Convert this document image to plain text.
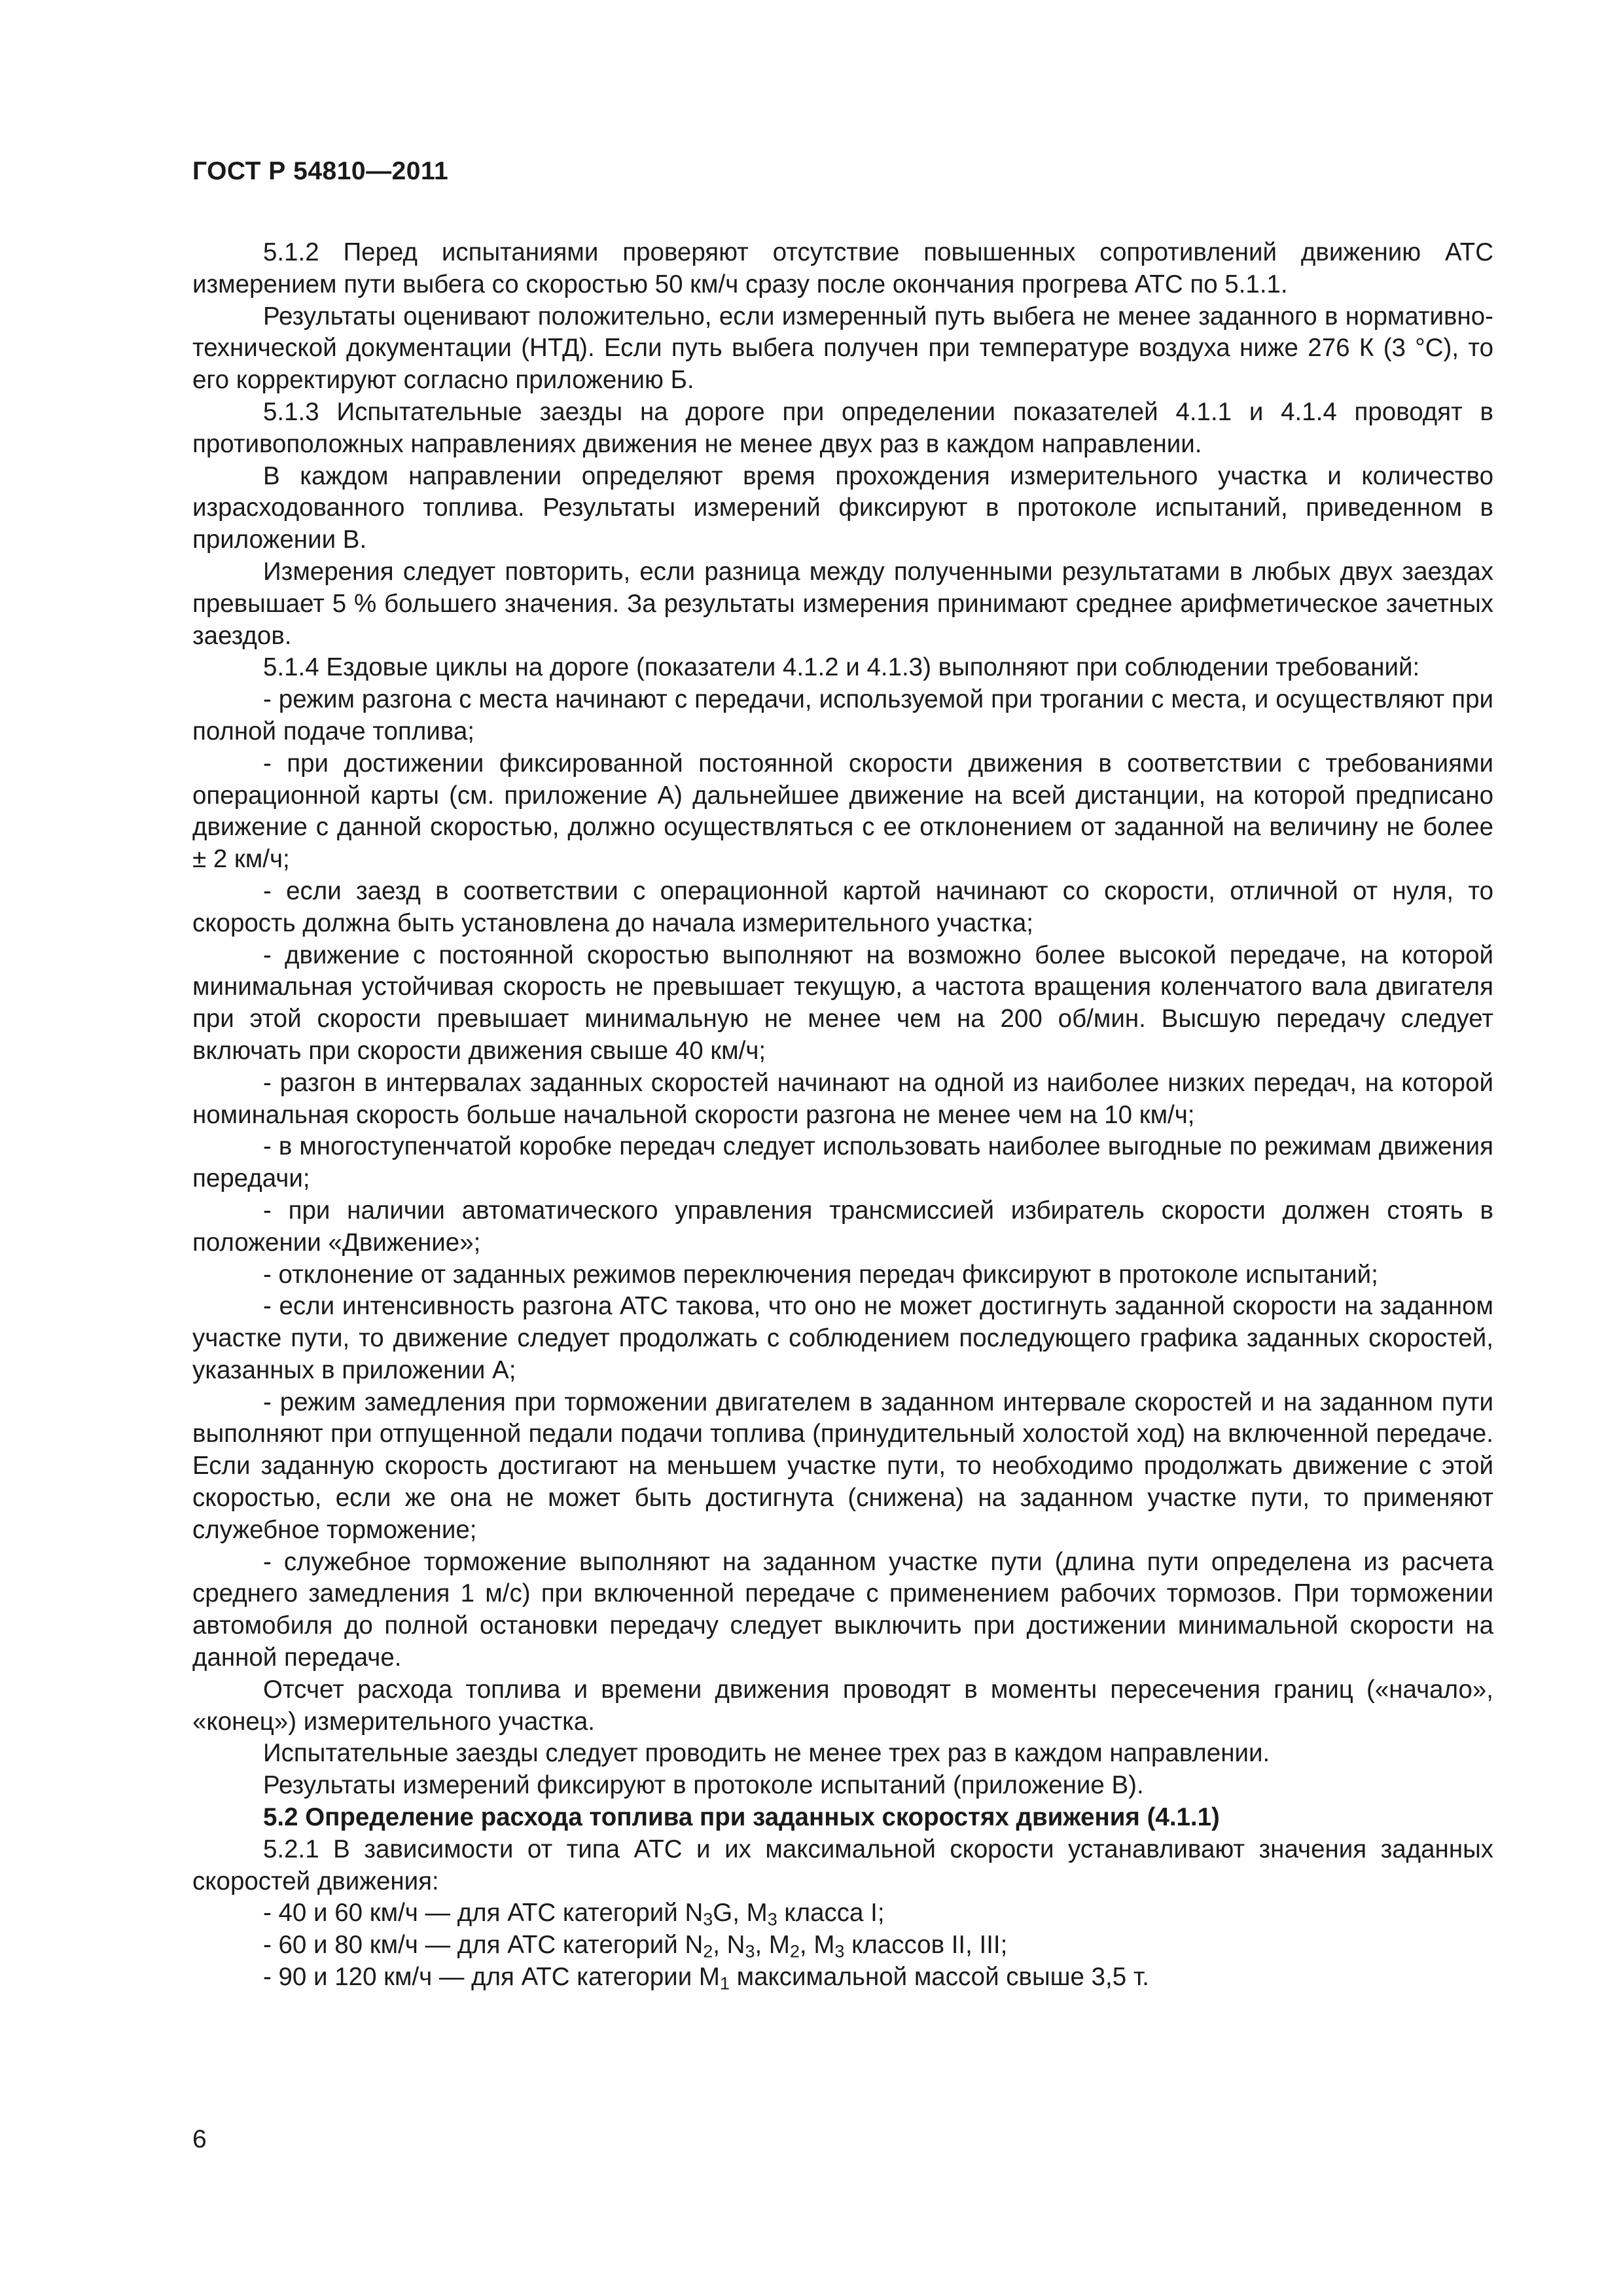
ГОСТ Р 54810—2011

5.1.2 Перед испытаниями проверяют отсутствие повышенных сопротивлений движению АТС измерением пути выбега со скоростью 50 км/ч сразу после окончания прогрева АТС по 5.1.1.

Результаты оценивают положительно, если измеренный путь выбега не менее заданного в нормативно-технической документации (НТД). Если путь выбега получен при температуре воздуха ниже 276 К (3 °С), то его корректируют согласно приложению Б.

5.1.3 Испытательные заезды на дороге при определении показателей 4.1.1 и 4.1.4 проводят в противоположных направлениях движения не менее двух раз в каждом направлении.

В каждом направлении определяют время прохождения измерительного участка и количество израсходованного топлива. Результаты измерений фиксируют в протоколе испытаний, приведенном в приложении В.

Измерения следует повторить, если разница между полученными результатами в любых двух заездах превышает 5 % большего значения. За результаты измерения принимают среднее арифметическое зачетных заездов.

5.1.4 Ездовые циклы на дороге (показатели 4.1.2 и 4.1.3) выполняют при соблюдении требований:

- режим разгона с места начинают с передачи, используемой при трогании с места, и осуществляют при полной подаче топлива;

- при достижении фиксированной постоянной скорости движения в соответствии с требованиями операционной карты (см. приложение А) дальнейшее движение на всей дистанции, на которой предписано движение с данной скоростью, должно осуществляться с ее отклонением от заданной на величину не более ± 2 км/ч;

- если заезд в соответствии с операционной картой начинают со скорости, отличной от нуля, то скорость должна быть установлена до начала измерительного участка;

- движение с постоянной скоростью выполняют на возможно более высокой передаче, на которой минимальная устойчивая скорость не превышает текущую, а частота вращения коленчатого вала двигателя при этой скорости превышает минимальную не менее чем на 200 об/мин. Высшую передачу следует включать при скорости движения свыше 40 км/ч;

- разгон в интервалах заданных скоростей начинают на одной из наиболее низких передач, на которой номинальная скорость больше начальной скорости разгона не менее чем на 10 км/ч;

- в многоступенчатой коробке передач следует использовать наиболее выгодные по режимам движения передачи;

- при наличии автоматического управления трансмиссией избиратель скорости должен стоять в положении «Движение»;

- отклонение от заданных режимов переключения передач фиксируют в протоколе испытаний;

- если интенсивность разгона АТС такова, что оно не может достигнуть заданной скорости на заданном участке пути, то движение следует продолжать с соблюдением последующего графика заданных скоростей, указанных в приложении А;

- режим замедления при торможении двигателем в заданном интервале скоростей и на заданном пути выполняют при отпущенной педали подачи топлива (принудительный холостой ход) на включенной передаче. Если заданную скорость достигают на меньшем участке пути, то необходимо продолжать движение с этой скоростью, если же она не может быть достигнута (снижена) на заданном участке пути, то применяют служебное торможение;

- служебное торможение выполняют на заданном участке пути (длина пути определена из расчета среднего замедления 1 м/с) при включенной передаче с применением рабочих тормозов. При торможении автомобиля до полной остановки передачу следует выключить при достижении минимальной скорости на данной передаче.

Отсчет расхода топлива и времени движения проводят в моменты пересечения границ («начало», «конец») измерительного участка.

Испытательные заезды следует проводить не менее трех раз в каждом направлении.

Результаты измерений фиксируют в протоколе испытаний (приложение В).

5.2 Определение расхода топлива при заданных скоростях движения (4.1.1)

5.2.1 В зависимости от типа АТС и их максимальной скорости устанавливают значения заданных скоростей движения:

- 40 и 60 км/ч — для АТС категорий $N_3G$, $M_3$ класса I;

- 60 и 80 км/ч — для АТС категорий $N_2$, $N_3$, $M_2$, $M_3$ классов II, III;

- 90 и 120 км/ч — для АТС категории $M_1$ максимальной массой свыше 3,5 т.

6
